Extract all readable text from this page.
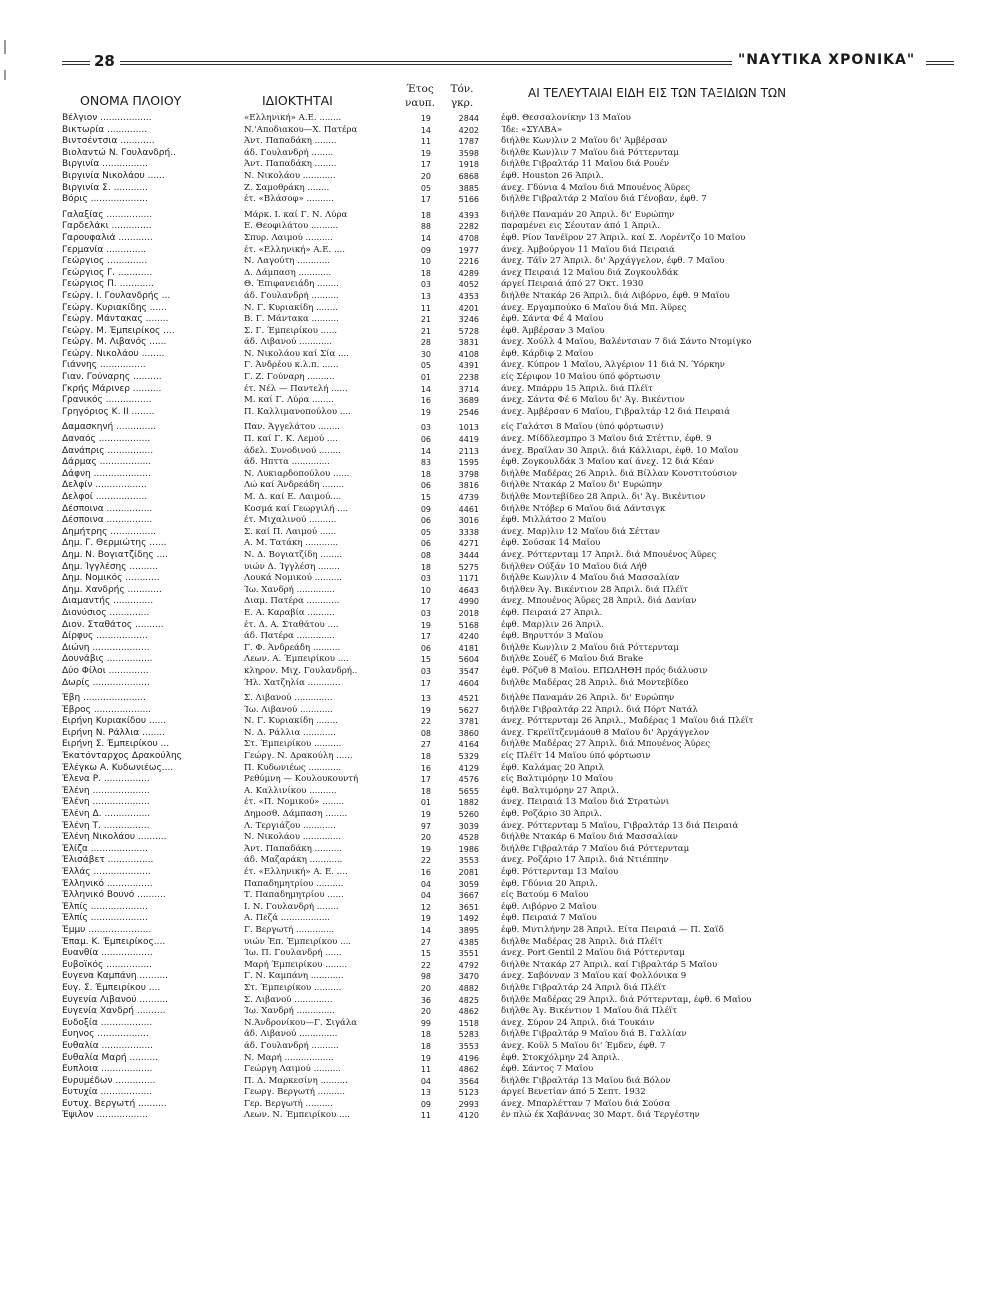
28	"ΝΑΥΤΙΚΑ ΧΡΟΝΙΚΑ"
ΟΝΟΜΑ ΠΛΟΙΟΥ	ΙΔΙΟΚΤΗΤΑΙ
Έτος
ναυπ.
Τόν.
γκρ.
ΑΙ ΤΕΛΕΥΤΑΙΑΙ ΕΙΔΗ ΕΙΣ ΤΩΝ ΤΑΞΙΔΙΩΝ ΤΩΝ
Βέλγιον ..................	«Ελληνική» Α.Ε. ........	19	2844	έφθ. Θεσσαλονίκην 13 Μαΐου
Βικτωρία ..............	Ν.'Αποδιακου—Χ. Πατέρα	14	4202	Ίδε: «ΣΥΛΒΑ»
Βιντσέντσια ............	Άντ. Παπαδάκη ........	11	1787	διήλθε Κων)λιν 2 Μαΐου δι' Άμβέρσαν
Βιολαντώ Ν. Γουλανδρή..	άδ. Γουλανδρή ........	19	3598	διήλθε Κων)λιν 7 Μαΐου διά Ρόττερνταμ
Βιργινία ................	Άντ. Παπαδάκη ........	17	1918	διήλθε Γιβραλτάρ 11 Μαΐου διά Ρουέν
Βιργινία Νικολάου ......	Ν. Νικολάου ............	20	6868	έφθ. Houston 26 Άπριλ.
Βιργινία Σ. ............	Ζ. Σαμοθράκη ........	05	3885	άνεχ. Γδύνια 4 Μαΐου διά Μπουένος Άϋρες
Βόρις ....................	έτ. «Βλάσοφ» ..........	17	5166	διήλθε Γιβραλτάρ 2 Μαΐου διά Γένοβαν, έφθ. 7
Γαλαξίας ................	Μάρκ. Ι. καί Γ. Ν. Λύρα	18	4393	διήλθε Παναμάν 20 Άπριλ. δι' Ευρώπην
Γαρδελάκι ..............	Ε. Θεοφιλάτου ..........	88	2282	παραμένει εις Σέουταν άπό 1 Άπριλ.
Γαρουφαλιά ............	Σπυρ. Λαιμού ..........	14	4708	έφθ. Ρίον Ίανέϊρον 27 Άπριλ. καί Σ. Λορέντζο 10 Μαΐου
Γερμανία ..............	έτ. «Ελληνική» Α.Ε. ....	09	1977	άνεχ. Άμβούργον 11 Μαΐου διά Πειραιά
Γεώργιος ..............	Ν. Λαγούτη ............	10	2216	άνεχ. Τάϊν 27 Άπριλ. δι' Άρχάγγελον, έφθ. 7 Μαΐου
Γεώργιος Γ. ............	Δ. Δάμπαση ............	18	4289	άνεχ Πειραιά 12 Μαΐου διά Ζογκουλδάκ
Γεώργιος Π. ............	Θ. Έπιφανειάδη ........	03	4052	άργεί Πειραιά άπό 27 Όκτ. 1930
Γεώργ. Ι. Γουλανδρής ...	άδ. Γουλανδρή ..........	13	4353	διήλθε Ντακάρ 26 Άπριλ. διά Λιβόρνο, έφθ. 9 Μαΐου
Γεώργ. Κυριακίδης ......	Ν. Γ. Κυριακίδη ........	11	4201	άνεχ. Εργαμπούκο 6 Μαΐου διά Μπ. Άϋρες
Γεώργ. Μάντακας ........	Β. Γ. Μάντακα ..........	21	3246	έφθ. Σάντα Φέ 4 Μαΐου
Γεώργ. Μ. Έμπειρίκος ....	Σ. Γ. Έμπειρίκου ......	21	5728	έφθ. Άμβέρσαν 3 Μαΐου
Γεώργ. Μ. Λιβανός ......	άδ. Λιβανού ............	28	3831	άνεχ. Χούλλ 4 Μαΐου, Βαλέντσιαν 7 διά Σάντο Ντομίγκο
Γεώργ. Νικολάου ........	Ν. Νικολάου καί Σία ....	30	4108	έφθ. Κάρδιφ 2 Μαΐου
Γιάννης ................	Γ. Άνδρέου κ.λ.π. ......	05	4391	άνεχ. Κύπρον 1 Μαΐου, Άλγέριον 11 διά Ν. Ύόρκην
Γιαν. Γούναρης ..........	Γ. Ζ. Γούναρη ..........	01	2238	είς Σέριφον 10 Μαΐου ύπό φόρτωσιν
Γκρής Μάρινερ ..........	έτ. Νέλ — Παντελή ......	14	3714	άνεχ. Μπάρρυ 15 Άπριλ. διά Πλέϊτ
Γρανικός ................	Μ. καί Γ. Λύρα ........	16	3689	άνεχ. Σάντα Φέ 6 Μαΐου δι' Άγ. Βικέντιον
Γρηγόριος Κ. ΙΙ ........	Π. Καλλιμανοπούλου ....	19	2546	άνεχ. Άμβέρσαν 6 Μαΐου, Γιβραλτάρ 12 διά Πειραιά
Δαμασκηνή ..............	Παν. Άγγελάτου ........	03	1013	είς Γαλάτσι 8 Μαΐου (ύπό φόρτωσιν)
Δαναός ..................	Π. καί Γ. Κ. Λεμού ....	06	4419	άνεχ. Μίδδλεσμπρο 3 Μαΐου διά Στέττιν, έφθ. 9
Δανάπρις ................	άδελ. Συνοδινού ........	14	2113	άνεχ. Βραΐλαν 30 Άπριλ. διά Κάλλιαρι, έφθ. 10 Μαΐου
Δάρμας ..................	άδ. Ηπττα ..............	83	1595	έφθ. Ζογκουλδάκ 3 Μαΐου καί άνεχ. 12 διά Κέαν
Δάφνη ....................	Ν. Λυκιαρδοπούλου ......	18	3798	διήλθε Μαδέρας 26 Άπριλ. διά Βίλλαν Κονστιτούσιον
Δελφίν ..................	Λώ καί Άνδρεάδη ........	06	3816	διήλθε Ντακάρ 2 Μαΐου δι' Ευρώπην
Δελφοί ..................	Μ. Δ. καί Ε. Λαιμού....	15	4739	διήλθε Μοντεβίδεο 28 Άπριλ. δι' Άγ. Βικέντιον
Δέσποινα ................	Κοσμά καί Γεωργιλή ....	09	4461	διήλθε Ντόβερ 6 Μαΐου διά Δάντσιγκ
Δέσποινα ................	έτ. Μιχαλινού ..........	06	3016	έφθ. Μιλλάτσο 2 Μαΐου
Δημήτρης ................	Σ. καί Π. Λαιμού ......	05	3338	άνεχ. Μαρ)λιν 12 Μαΐου διά Σέτταν
Δημ. Γ. Θερμιώτης ......	Α. Μ. Τατάκη ............	06	4271	έφθ. Σούσακ 14 Μαΐου
Δημ. Ν. Βογιατζίδης ....	Ν. Δ. Βογιατζίδη ........	08	3444	άνεχ. Ρόττερνταμ 17 Άπριλ. διά Μπουένος Άϋρες
Δημ. Ίγγλέσης ..........	υιών Δ. Ίγγλέση ........	18	5275	διήλθεν Ούξάν 10 Μαΐου διά Λήθ
Δημ. Νομικός ............	Λουκά Νομικού ..........	03	1171	διήλθε Κων)λιν 4 Μαΐου διά Μασσαλίαν
Δημ. Χανδρής ............	Ίω. Χανδρή ..............	10	4643	διήλθεν Άγ. Βικέντιον 28 Άπριλ. διά Πλέϊτ
Διαμαντής ..............	Διαμ. Πατέρα ............	17	4990	άνεχ. Μπουένος Άϋρες 28 Άπριλ. διά Δανίαν
Διονύσιος ..............	Ε. Α. Καραβία ..........	03	2018	έφθ. Πειραιά 27 Άπριλ.
Διον. Σταθάτος ..........	έτ. Δ. Α. Σταθάτου ....	19	5168	έφθ. Μαρ)λιν 26 Άπριλ.
Δίρφυς ..................	άδ. Πατέρα ..............	17	4240	έφθ. Βηρυττόν 3 Μαΐου
Διώνη ....................	Γ. Φ. Άνδρεάδη ..........	06	4181	διήλθε Κων)λιν 2 Μαΐου διά Ρόττερνταμ
Δουνάβις ................	Λεων. Α. Έμπειρίκου ....	15	5604	διήλθε Σουέζ 6 Μαΐου διά Brake
Δύο Φίλοι ..............	κληρον. Μιχ. Γουλανδρή..	03	3547	έφθ. Ρόζυθ 8 Μαΐου. ΕΠΩΛΗΘΗ πρός διάλυσιν
Δωρίς ....................	Ήλ. Χατζηλία ............	17	4604	διήλθε Μαδέρας 28 Άπριλ. διά Μοντεβίδεο
Έβη ......................	Σ. Λιβανού ..............	13	4521	διήλθε Παναμάν 26 Άπριλ. δι' Ευρώπην
Έβρος ....................	Ίω. Λιβανού ............	19	5627	διήλθε Γιβραλτάρ 22 Άπριλ. διά Πόρτ Νατάλ
Ειρήνη Κυριακίδου ......	Ν. Γ. Κυριακίδη ........	22	3781	άνεχ. Ρόττερνταμ 26 Άπριλ., Μαδέρας 1 Μαΐου διά Πλέϊτ
Ειρήνη Ν. Ράλλια ........	Ν. Δ. Ράλλια ............	08	3860	άνεχ. Γκρεΐϊτζενμάουθ 8 Μαΐου δι' Άρχάγγελον
Ειρήνη Σ. Έμπειρίκου ...	Στ. Έμπειρίκου ..........	27	4164	διήλθε Μαδέρας 27 Άπριλ. διά Μπουένος Άϋρες
Έκατόνταρχος Δρακούλης	Γεώργ. Ν. Δρακούλη ......	18	5329	είς Πλέϊτ 14 Μαΐου ύπό φόρτωσιν
Έλέγκω Α. Κυδωνιέως....	Π. Κυδωνιέως ............	16	4129	έφθ. Καλάμας 20 Άπριλ
Έλενα Ρ. ................	Ρεθύμνη — Κουλουκουντή	17	4576	είς Βαλτιμόρην 10 Μαΐου
Έλένη ....................	Α. Καλλινίκου ..........	18	5655	έφθ. Βαλτιμόρην 27 Άπριλ.
Έλένη ....................	έτ. «Π. Νομικού» ........	01	1882	άνεχ. Πειραιά 13 Μαΐου διά Στρατώνι
Έλένη Δ. ................	Δημοσθ. Δάμπαση ........	19	5260	έφθ. Ροζάριο 30 Άπριλ.
Έλένη Τ. ................	Λ. Τεργιάζου ............	97	3039	άνεχ. Ρόττερνταμ 5 Μαΐου, Γιβραλτάρ 13 διά Πειραιά
Έλένη Νικολάου ..........	Ν. Νικολάου ..............	20	4528	διήλθε Ντακάρ 6 Μαΐου διά Μασσαλίαν
Έλίζα ....................	Άντ. Παπαδάκη ..........	19	1986	διήλθε Γιβραλτάρ 7 Μαΐου διά Ρόττερνταμ
Έλισάβετ ................	άδ. Μαζαράκη ............	22	3553	άνεχ. Ροζάριο 17 Άπριλ. διά Ντιέππην
Έλλάς ....................	έτ. «Ελληνική» Α. Ε. ....	16	2081	έφθ. Ρόττερνταμ 13 Μαΐου
Έλληνικό ................	Παπαδημητρίου ..........	04	3059	έφθ. Γδύνια 20 Άπριλ.
Έλληνικό Βουνό ..........	Τ. Παπαδημητρίου ......	04	3667	είς Βατούμ 6 Μαΐου
Έλπίς ....................	Ι. Ν. Γουλανδρή ........	12	3651	έφθ. Λιβόρνο 2 Μαΐου
Έλπίς ....................	Α. Πεζά ..................	19	1492	έφθ. Πειραιά 7 Μαΐου
Έμμυ ......................	Γ. Βεργωτή ..............	14	3895	έφθ. Μυτιλήνην 28 Άπριλ. Είτα Πειραιά — Π. Σαΐδ
Έπαμ. Κ. Έμπειρίκος....	υιών Έπ. Έμπειρίκου ....	27	4385	διήλθε Μαδέρας 28 Άπριλ. διά Πλέϊτ
Ευανθία ..................	Ίω. Π. Γουλανδρή ......	15	3551	άνεχ. Port Gentil 2 Μαΐου διά Ρόττερνταμ
Ευβοϊκός ................	Μαρή Έμπειρίκου ........	22	4792	διήλθε Ντακάρ 27 Άπριλ. καί Γιβραλτάρ 5 Μαΐου
Ευγενα Καμπάνη ..........	Γ. Ν. Καμπάνη ............	98	3470	άνεχ. Σαβόνναν 3 Μαΐου καί Φολλόνικα 9
Ευγ. Σ. Έμπειρίκου ....	Στ. Έμπειρίκου ..........	20	4882	διήλθε Γιβραλτάρ 24 Άπριλ διά Πλέϊτ
Ευγενία Λιβανού ..........	Σ. Λιβανού ..............	36	4825	διήλθε Μαδέρας 29 Άπριλ. διά Ρόττερνταμ, έφθ. 6 Μαΐου
Ευγενία Χανδρή ..........	Ίω. Χανδρή ..............	20	4862	διήλθε Άγ. Βικέντιον 1 Μαΐου διά Πλέϊτ
Ευδοξία ..................	Ν.Άνδρονίκου—Γ. Σιγάλα	99	1518	άνεχ. Σύρον 24 Άπριλ. διά Τουκάιν
Ευηνος ..................	άδ. Λιβανού ..............	18	5283	διήλθε Γιβραλτάρ 9 Μαΐου διά Β. Γαλλίαν
Ευθαλία ..................	άδ. Γουλανδρή ..........	18	3553	άνεχ. Κοϋλ 5 Μαΐου δι' Έμδεν, έφθ. 7
Ευθαλία Μαρή ..........	Ν. Μαρή ..................	19	4196	έφθ. Στοκχόλμην 24 Άπριλ.
Ευπλοια ..................	Γεώργη Λαιμού ..........	11	4862	έφθ. Σάντος 7 Μαΐου
Ευρυμέδων ..............	Π. Δ. Μαρκεσίνη ..........	04	3564	διήλθε Γιβραλτάρ 13 Μαΐου διά Βόλον
Ευτυχία ..................	Γεωργ. Βεργωτή ..........	13	5123	άργεί Βενετίαν άπό 5 Σεπτ. 1932
Ευτυχ. Βεργωτή ..........	Γερ. Βεργωτή ..........	09	2993	άνεχ. Μπαρλέτταν 7 Μαΐου διά Σούσα
Έψιλον ..................	Λεων. Ν. Έμπειρίκου ....	11	4120	έν πλώ έκ Χαβάννας 30 Μαρτ. διά Τεργέστην
